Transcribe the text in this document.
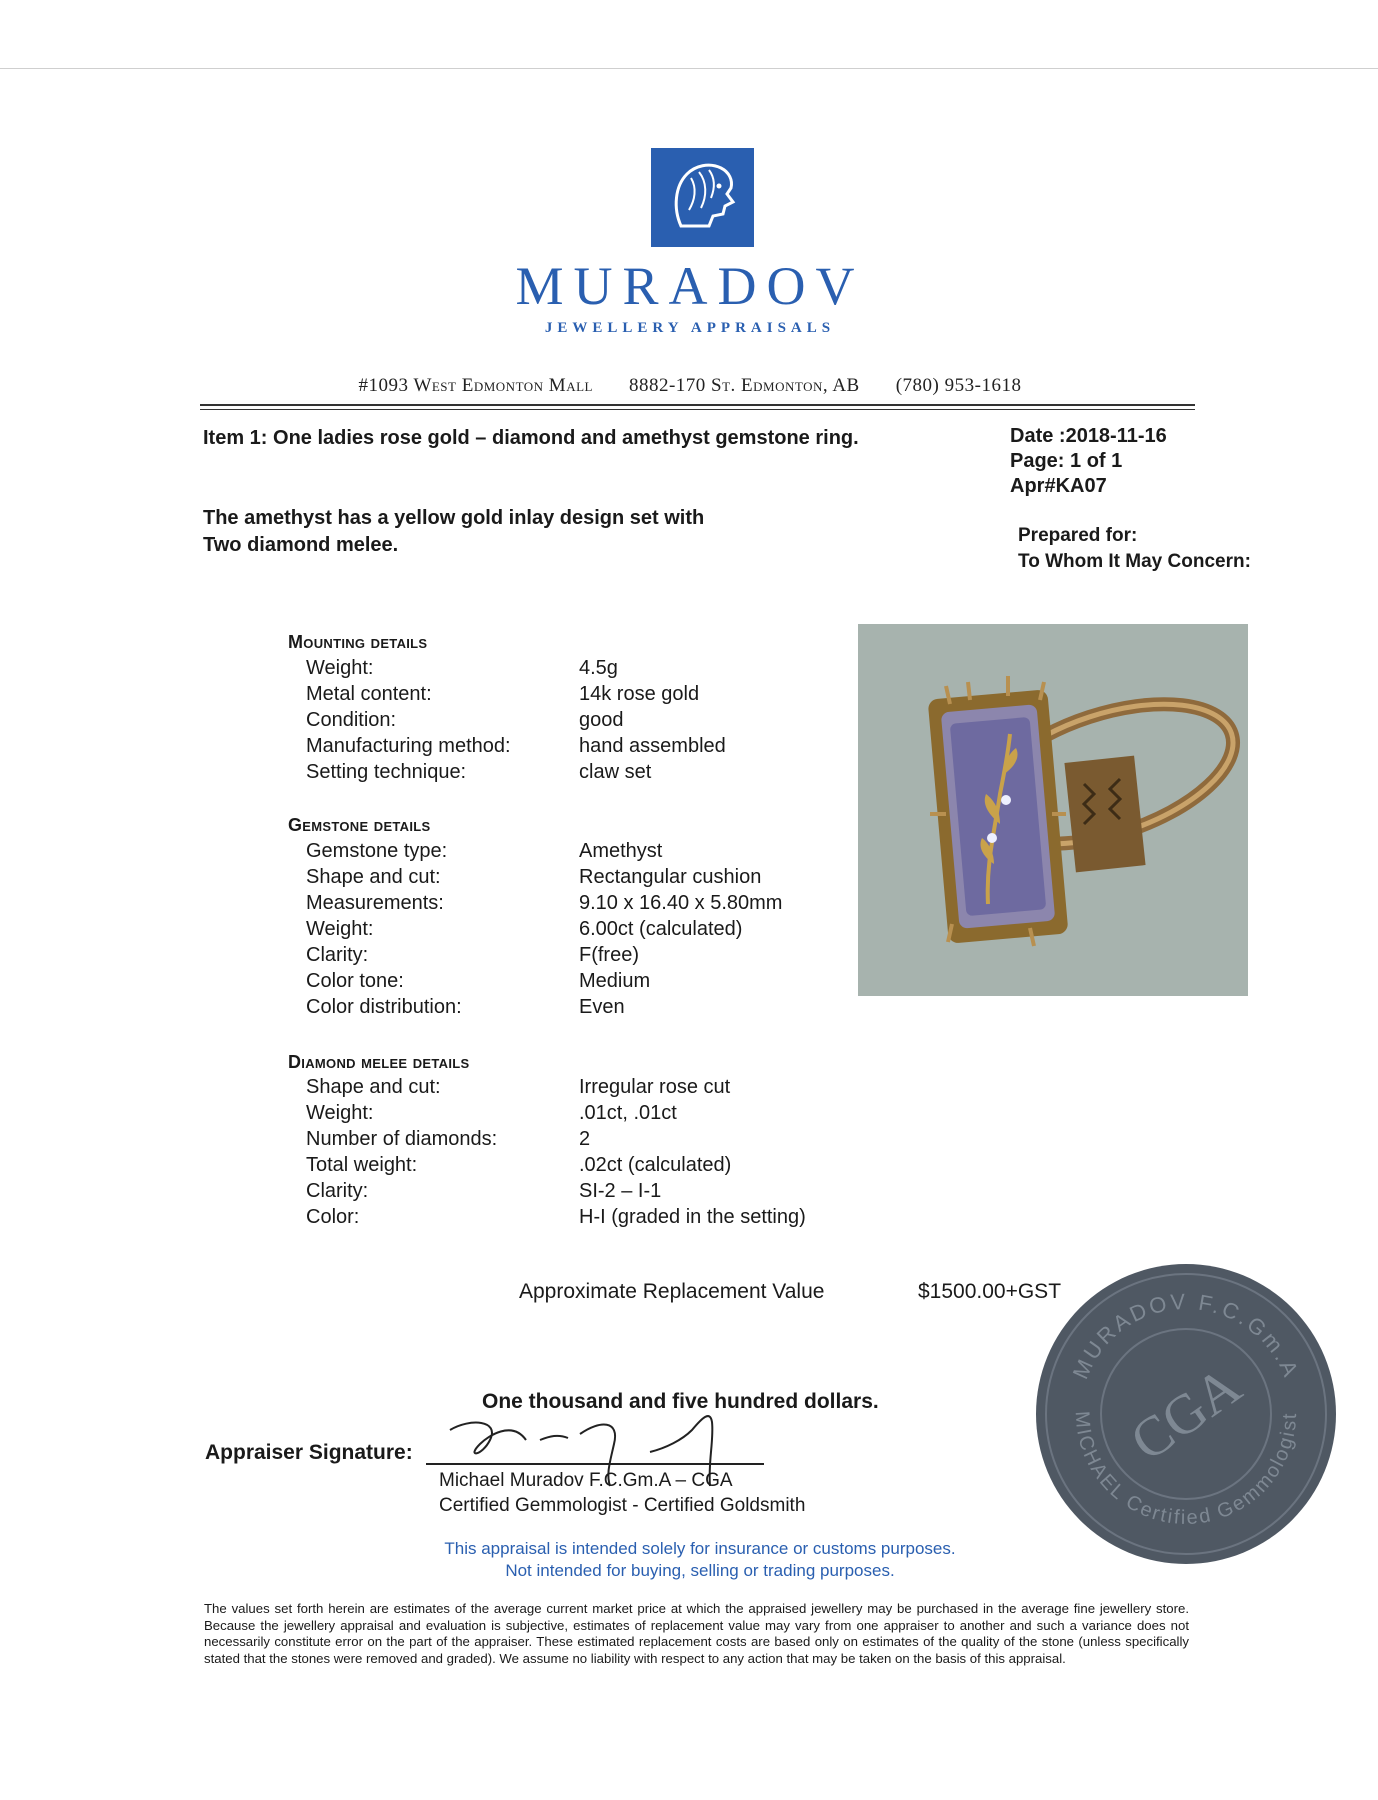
MURADOV
JEWELLERY APPRAISALS
#1093 West Edmonton Mall 8882-170 St. Edmonton, AB (780) 953-1618
Item 1: One ladies rose gold – diamond and amethyst gemstone ring.	Date :2018-11-16
Page: 1 of 1
Apr#KA07
The amethyst has a yellow gold inlay design set with
Two diamond melee.	Prepared for:
To Whom It May Concern:
Mounting details
Weight:	4.5g
Metal content:	14k rose gold
Condition:	good
Manufacturing method:	hand assembled
Setting technique:	claw set
Gemstone details
Gemstone type:	Amethyst
Shape and cut:	Rectangular cushion
Measurements:	9.10 x 16.40 x 5.80mm
Weight:	6.00ct (calculated)
Clarity:	F(free)
Color tone:	Medium
Color distribution:	Even
Diamond melee details
Shape and cut:	Irregular rose cut
Weight:	.01ct, .01ct
Number of diamonds:	2
Total weight:	.02ct (calculated)
Clarity:	SI-2 – I-1
Color:	H-I (graded in the setting)
Approximate Replacement Value	$1500.00+GST
One thousand and five hundred dollars.
MURADOV F.C.Gm.A
MICHAEL Certified Gemmologist
CGA
Appraiser Signature:
Michael Muradov F.C.Gm.A – CGA
Certified Gemmologist - Certified Goldsmith
This appraisal is intended solely for insurance or customs purposes.
Not intended for buying, selling or trading purposes.
The values set forth herein are estimates of the average current market price at which the appraised jewellery may be purchased in the average fine jewellery store. Because the jewellery appraisal and evaluation is subjective, estimates of replacement value may vary from one appraiser to another and such a variance does not necessarily constitute error on the part of the appraiser. These estimated replacement costs are based only on estimates of the quality of the stone (unless specifically stated that the stones were removed and graded). We assume no liability with respect to any action that may be taken on the basis of this appraisal.
